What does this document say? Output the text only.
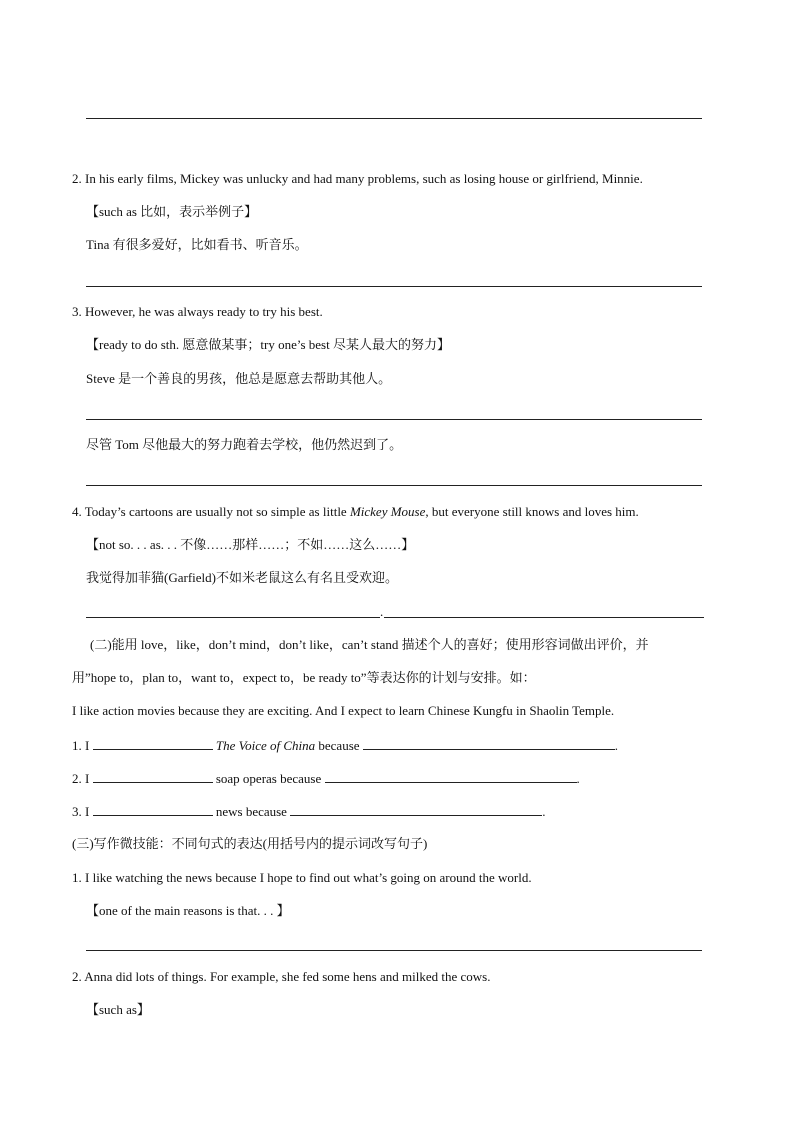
2. In his early films, Mickey was unlucky and had many problems, such as losing house or girlfriend, Minnie.
【such as 比如，表示举例子】
Tina 有很多爱好，比如看书、听音乐。
3. However, he was always ready to try his best.
【ready to do sth. 愿意做某事；try one’s best 尽某人最大的努力】
Steve 是一个善良的男孩，他总是愿意去帮助其他人。
尽管 Tom 尽他最大的努力跑着去学校，他仍然迟到了。
4. Today’s cartoons are usually not so simple as little Mickey Mouse, but everyone still knows and loves him.
【not so. . . as. . . 不像……那样……；不如……这么……】
我觉得加菲猫(Garfield)不如米老鼠这么有名且受欢迎。
.
(二)能用 love，like，don’t mind，don’t like，can’t stand 描述个人的喜好；使用形容词做出评价，并
用”hope to，plan to，want to，expect to，be ready to”等表达你的计划与安排。如：
I like action movies because they are exciting. And I expect to learn Chinese Kungfu in Shaolin Temple.
1. I	The Voice of China because	.
2. I	soap operas because	.
3. I	news because	.
(三)写作微技能：不同句式的表达(用括号内的提示词改写句子)
1. I like watching the news because I hope to find out what’s going on around the world.
【one of the main reasons is that. . . 】
2. Anna did lots of things. For example, she fed some hens and milked the cows.
【such as】
